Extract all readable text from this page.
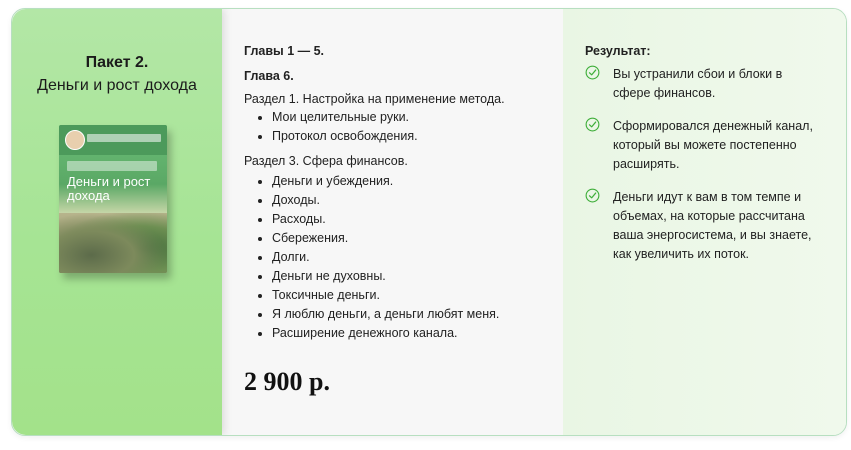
Пакет 2.
Деньги и рост дохода
Деньги и рост дохода
Главы 1 — 5.
Глава 6.
Раздел 1. Настройка на применение метода.
• Мои целительные руки.
• Протокол освобождения.
Раздел 3. Сфера финансов.
• Деньги и убеждения.
• Доходы.
• Расходы.
• Сбережения.
• Долги.
• Деньги не духовны.
• Токсичные деньги.
• Я люблю деньги, а деньги любят меня.
• Расширение денежного канала.
2 900 р.
Результат:
Вы устранили сбои и блоки в сфере финансов.
Сформировался денежный канал, который вы можете постепенно расширять.
Деньги идут к вам в том темпе и объемах, на которые рассчитана ваша энергосистема, и вы знаете, как увеличить их поток.
